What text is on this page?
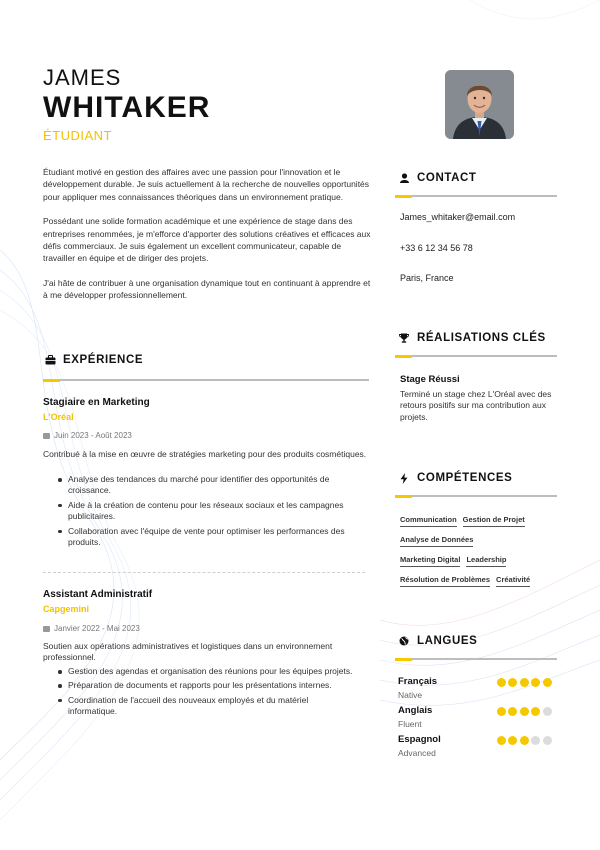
JAMES
WHITAKER
ÉTUDIANT

Étudiant motivé en gestion des affaires avec une passion pour l'innovation et le développement durable. Je suis actuellement à la recherche de nouvelles opportunités pour appliquer mes connaissances théoriques dans un environnement pratique.

Possédant une solide formation académique et une expérience de stage dans des entreprises renommées, je m'efforce d'apporter des solutions créatives et efficaces aux défis commerciaux. Je suis également un excellent communicateur, capable de travailler en équipe et de diriger des projets.

J'ai hâte de contribuer à une organisation dynamique tout en continuant à apprendre et à me développer professionnellement.

EXPÉRIENCE
Stagiaire en Marketing
L'Oréal
Juin 2023 - Août 2023
Contribué à la mise en œuvre de stratégies marketing pour des produits cosmétiques.
Analyse des tendances du marché pour identifier des opportunités de croissance.
Aide à la création de contenu pour les réseaux sociaux et les campagnes publicitaires.
Collaboration avec l'équipe de vente pour optimiser les performances des produits.
Assistant Administratif
Capgemini
Janvier 2022 - Mai 2023
Soutien aux opérations administratives et logistiques dans un environnement professionnel.
Gestion des agendas et organisation des réunions pour les équipes projets.
Préparation de documents et rapports pour les présentations internes.
Coordination de l'accueil des nouveaux employés et du matériel informatique.
CONTACT
James_whitaker@email.com
+33 6 12 34 56 78
Paris, France
RÉALISATIONS CLÉS
Stage Réussi
Terminé un stage chez L'Oréal avec des retours positifs sur ma contribution aux projets.
COMPÉTENCES
Communication Gestion de Projet
Analyse de Données
Marketing Digital Leadership
Résolution de Problèmes Créativité
LANGUES
Français
Native
Anglais
Fluent
Espagnol
Advanced
